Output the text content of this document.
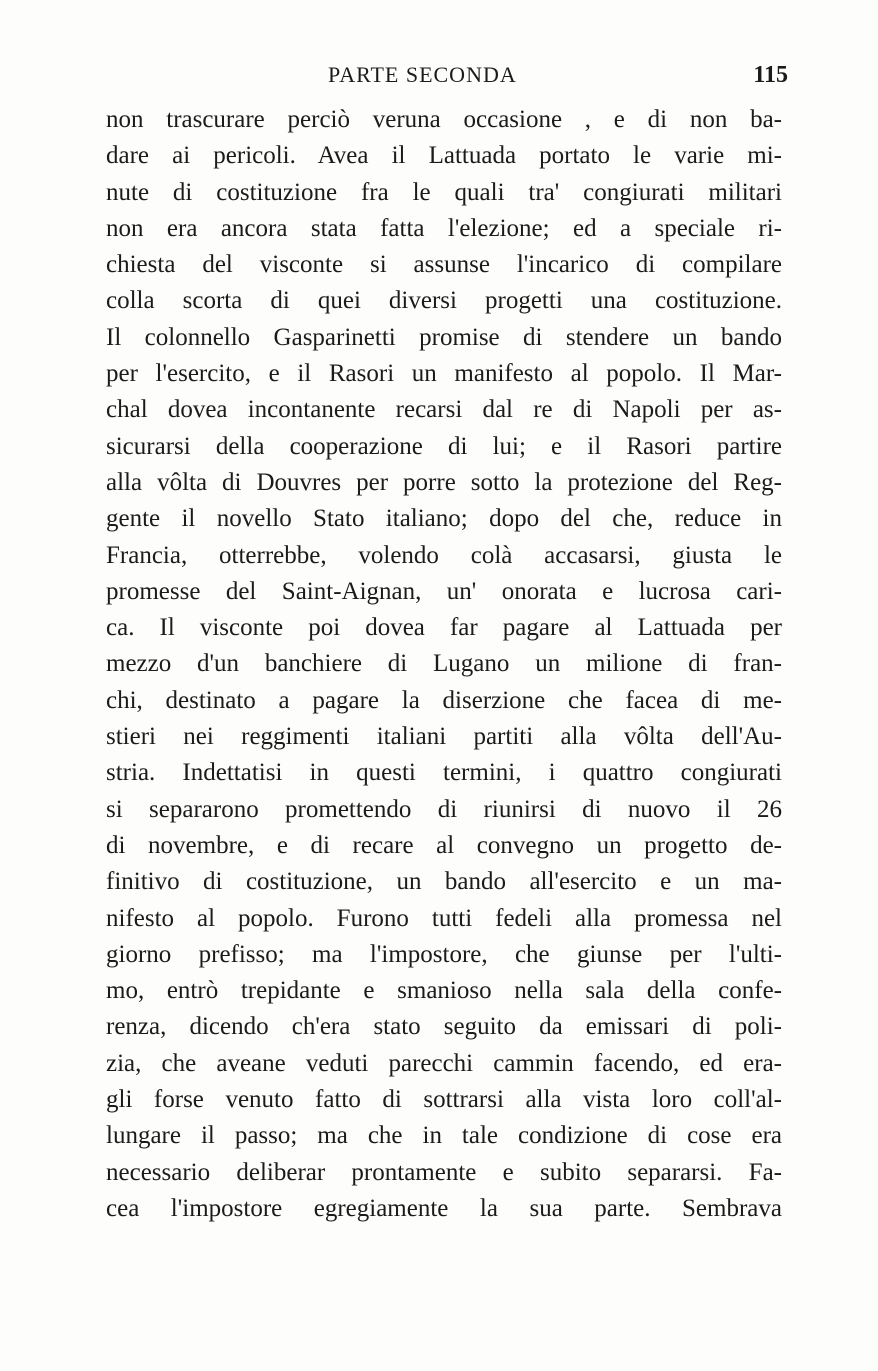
PARTE SECONDA	115
non trascurare perciò veruna occasione , e di non ba-
dare ai pericoli. Avea il Lattuada portato le varie mi-
nute di costituzione fra le quali tra' congiurati militari
non era ancora stata fatta l'elezione; ed a speciale ri-
chiesta del visconte si assunse l'incarico di compilare
colla scorta di quei diversi progetti una costituzione.
Il colonnello Gasparinetti promise di stendere un bando
per l'esercito, e il Rasori un manifesto al popolo. Il Mar-
chal dovea incontanente recarsi dal re di Napoli per as-
sicurarsi della cooperazione di lui; e il Rasori partire
alla vôlta di Douvres per porre sotto la protezione del Reg-
gente il novello Stato italiano; dopo del che, reduce in
Francia, otterrebbe, volendo colà accasarsi, giusta le
promesse del Saint-Aignan, un' onorata e lucrosa cari-
ca. Il visconte poi dovea far pagare al Lattuada per
mezzo d'un banchiere di Lugano un milione di fran-
chi, destinato a pagare la diserzione che facea di me-
stieri nei reggimenti italiani partiti alla vôlta dell'Au-
stria. Indettatisi in questi termini, i quattro congiurati
si separarono promettendo di riunirsi di nuovo il 26
di novembre, e di recare al convegno un progetto de-
finitivo di costituzione, un bando all'esercito e un ma-
nifesto al popolo. Furono tutti fedeli alla promessa nel
giorno prefisso; ma l'impostore, che giunse per l'ulti-
mo, entrò trepidante e smanioso nella sala della confe-
renza, dicendo ch'era stato seguito da emissari di poli-
zia, che aveane veduti parecchi cammin facendo, ed era-
gli forse venuto fatto di sottrarsi alla vista loro coll'al-
lungare il passo; ma che in tale condizione di cose era
necessario deliberar prontamente e subito separarsi. Fa-
cea l'impostore egregiamente la sua parte. Sembrava
